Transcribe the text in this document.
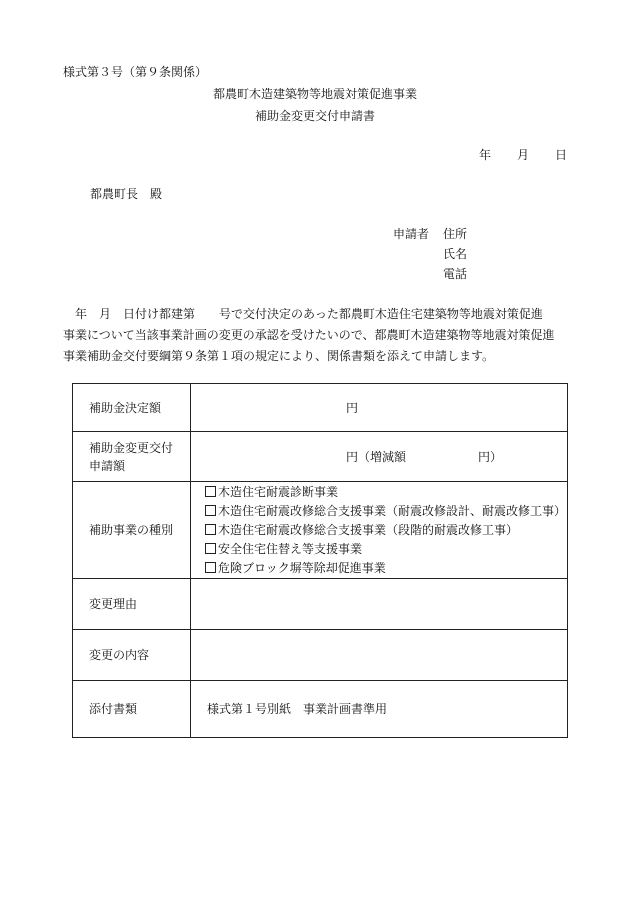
様式第３号（第９条関係）
都農町木造建築物等地震対策促進事業
補助金変更交付申請書
年 月 日
都農町長　殿
申請者 住所
氏名
電話

　年　月　日付け都建第　　号で交付決定のあった都農町木造住宅建築物等地震対策促進

事業について当該事業計画の変更の承認を受けたいので、都農町木造建築物等地震対策促進

事業補助金交付要綱第９条第１項の規定により、関係書類を添えて申請します。

補助金決定額	円

補助金変更交付
申請額	円（増減額　　　　　　円）
補助事業の種別	木造住宅耐震診断事業
木造住宅耐震改修総合支援事業（耐震改修設計、耐震改修工事）
木造住宅耐震改修総合支援事業（段階的耐震改修工事）
安全住宅住替え等支援事業
危険ブロック塀等除却促進事業

変更理由	
変更の内容	
添付書類	様式第１号別紙　事業計画書準用
